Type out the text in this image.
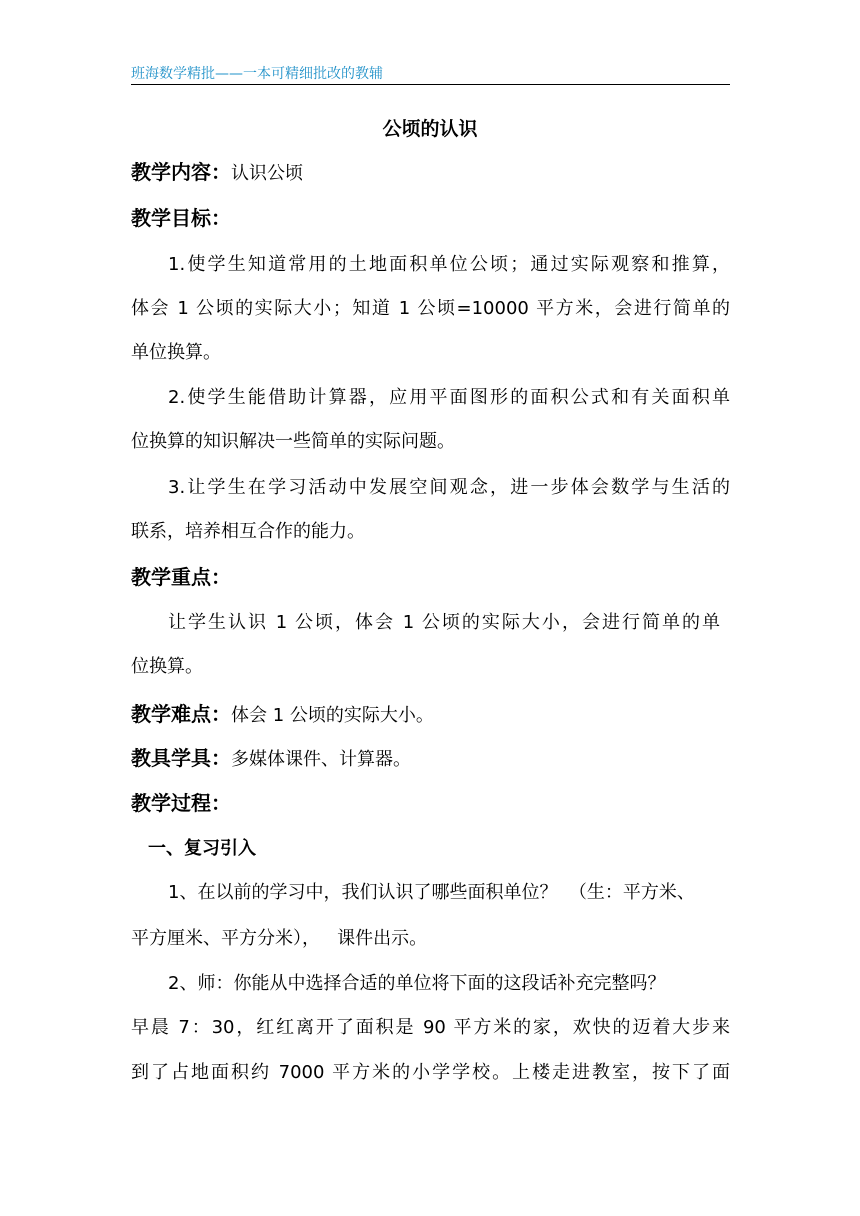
班海数学精批——一本可精细批改的教辅
公顷的认识
教学内容：认识公顷
教学目标：
1.使学生知道常用的土地面积单位公顷；通过实际观察和推算，
体会 1 公顷的实际大小；知道 1 公顷=10000 平方米，会进行简单的
单位换算。
2.使学生能借助计算器，应用平面图形的面积公式和有关面积单
位换算的知识解决一些简单的实际问题。
3.让学生在学习活动中发展空间观念，进一步体会数学与生活的
联系，培养相互合作的能力。
教学重点：
让学生认识 1 公顷，体会 1 公顷的实际大小，会进行简单的单
位换算。
教学难点：体会 1 公顷的实际大小。
教具学具：多媒体课件、计算器。
教学过程：
一、复习引入
1、在以前的学习中，我们认识了哪些面积单位？  （生：平方米、
平方厘米、平方分米），   课件出示。
2、师：你能从中选择合适的单位将下面的这段话补充完整吗？
早晨 7：30，红红离开了面积是 90 平方米的家，欢快的迈着大步来
到了占地面积约 7000 平方米的小学学校。上楼走进教室，按下了面
